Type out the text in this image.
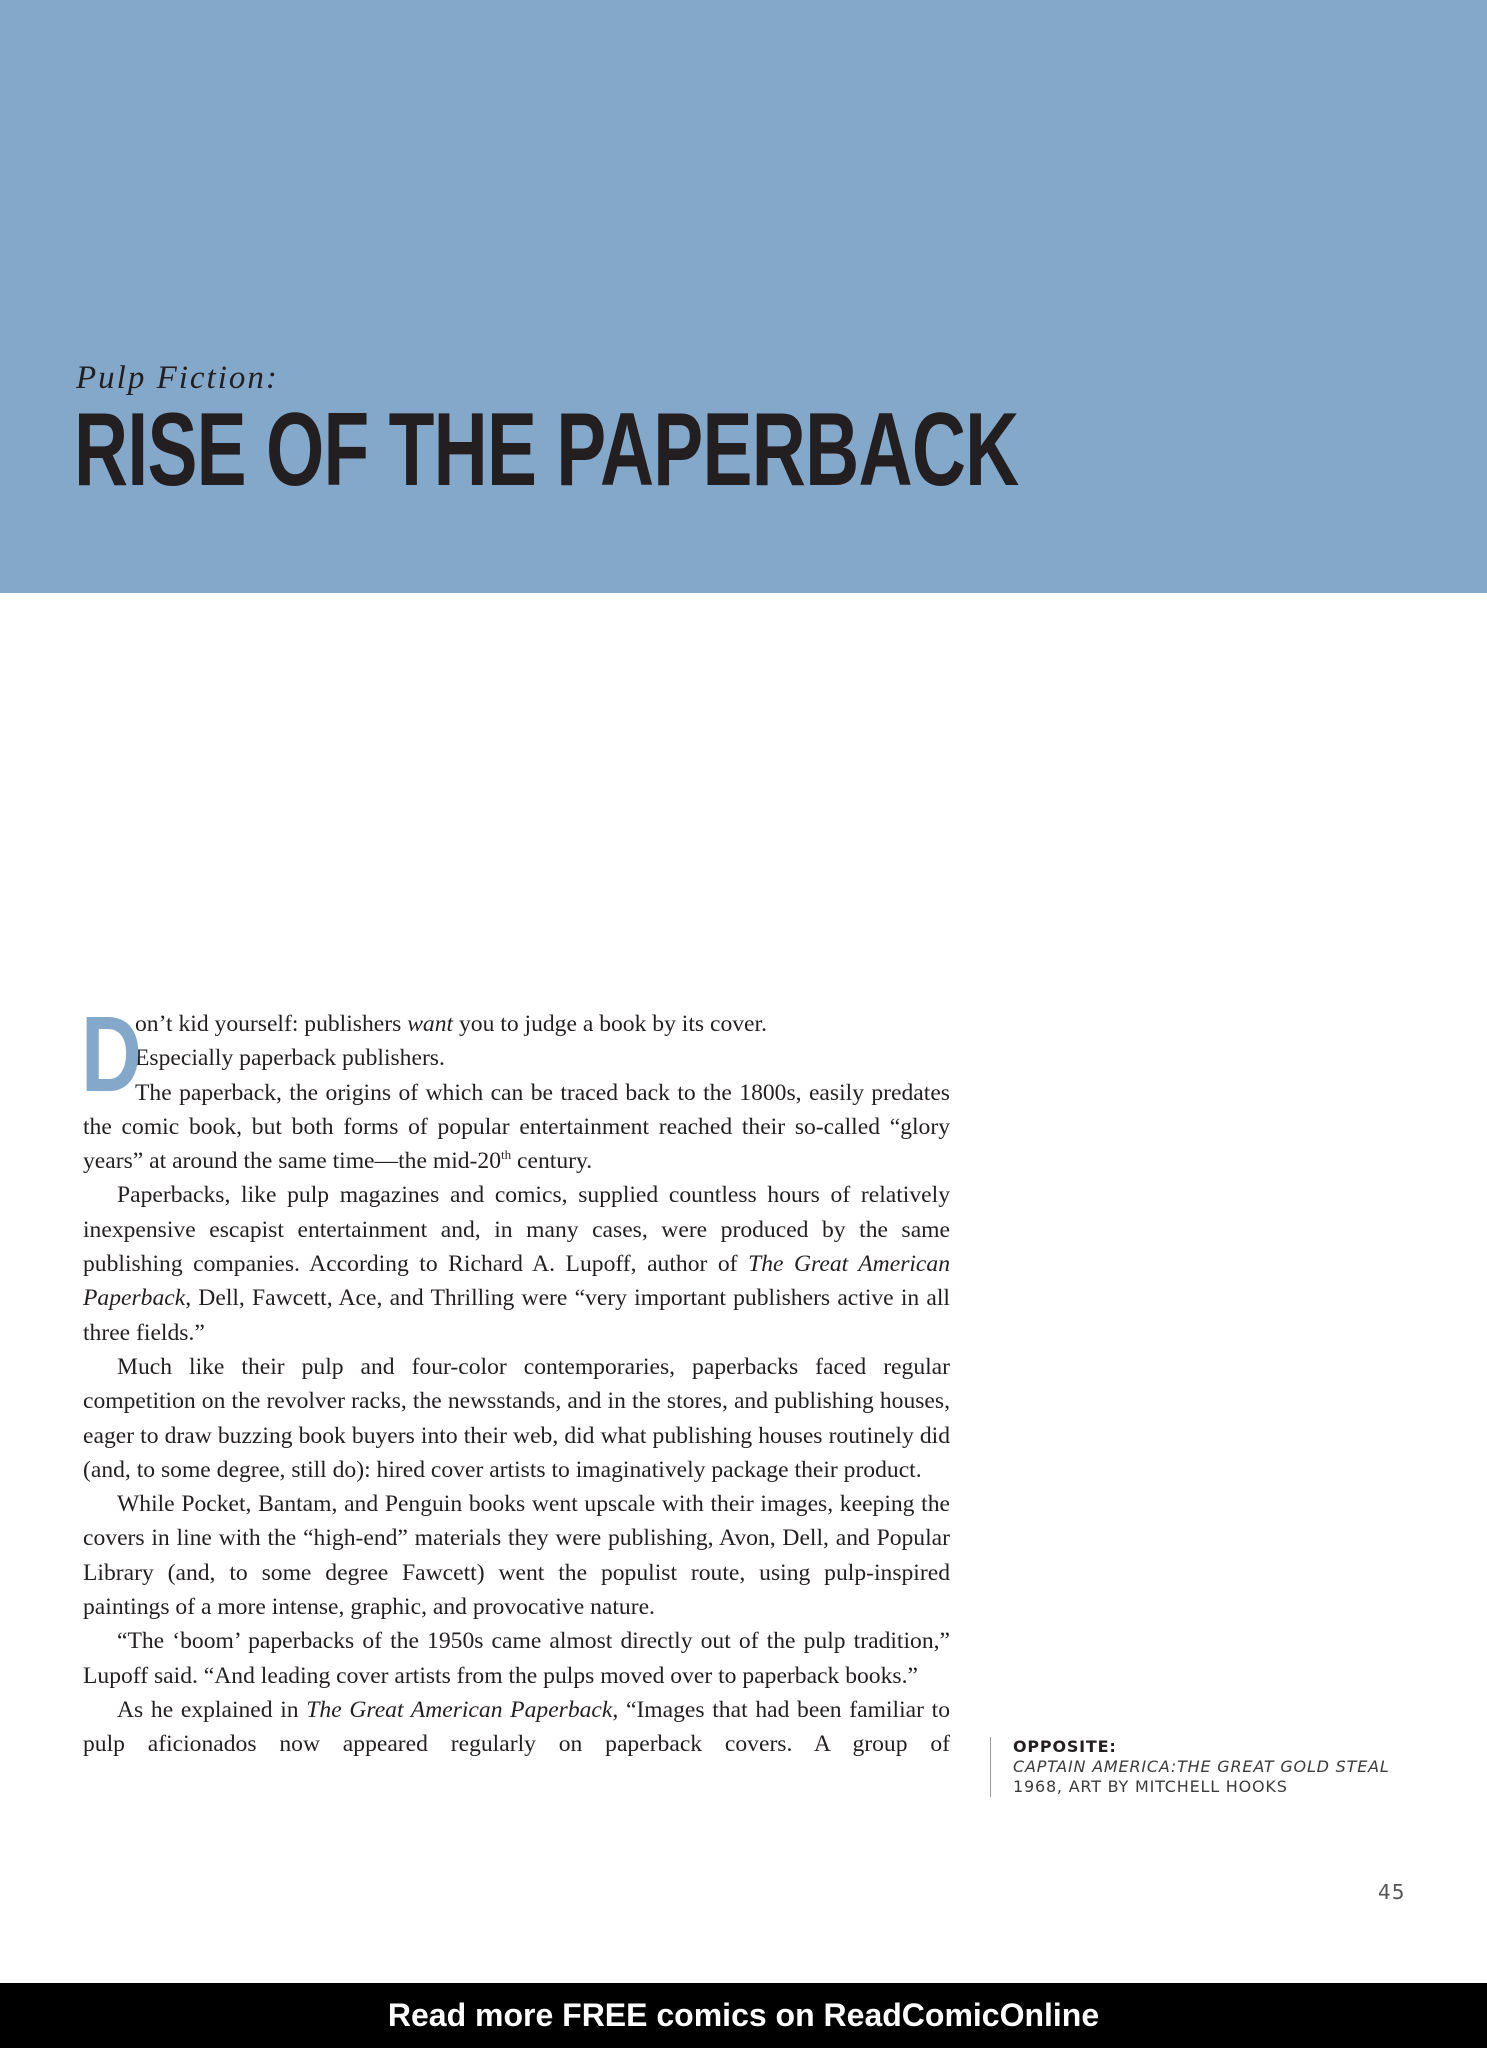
Pulp Fiction:
RISE OF THE PAPERBACK
D

on’t kid yourself: publishers want you to judge a book by its cover.

Especially paperback publishers.

The paperback, the origins of which can be traced back to the 1800s, easily predates the comic book, but both forms of popular entertainment reached their so-called “glory years” at around the same time—the mid-20th century.

Paperbacks, like pulp magazines and comics, supplied countless hours of relatively inexpensive escapist entertainment and, in many cases, were produced by the same publishing companies. According to Richard A. Lupoff, author of The Great American Paperback, Dell, Fawcett, Ace, and Thrilling were “very important publishers active in all three fields.”

Much like their pulp and four-color contemporaries, paperbacks faced regular competition on the revolver racks, the newsstands, and in the stores, and publishing houses, eager to draw buzzing book buyers into their web, did what publishing houses routinely did (and, to some degree, still do): hired cover artists to imaginatively package their product.

While Pocket, Bantam, and Penguin books went upscale with their images, keeping the covers in line with the “high-end” materials they were publishing, Avon, Dell, and Popular Library (and, to some degree Fawcett) went the populist route, using pulp-inspired paintings of a more intense, graphic, and provocative nature.

“The ‘boom’ paperbacks of the 1950s came almost directly out of the pulp tradition,” Lupoff said. “And leading cover artists from the pulps moved over to paperback books.”

As he explained in The Great American Paperback, “Images that had been familiar to pulp aficionados now appeared regularly on paperback covers. A group of	OPPOSITE:
CAPTAIN AMERICA:THE GREAT GOLD STEAL
1968, ART BY MITCHELL HOOKS
45
Read more FREE comics on ReadComicOnline
